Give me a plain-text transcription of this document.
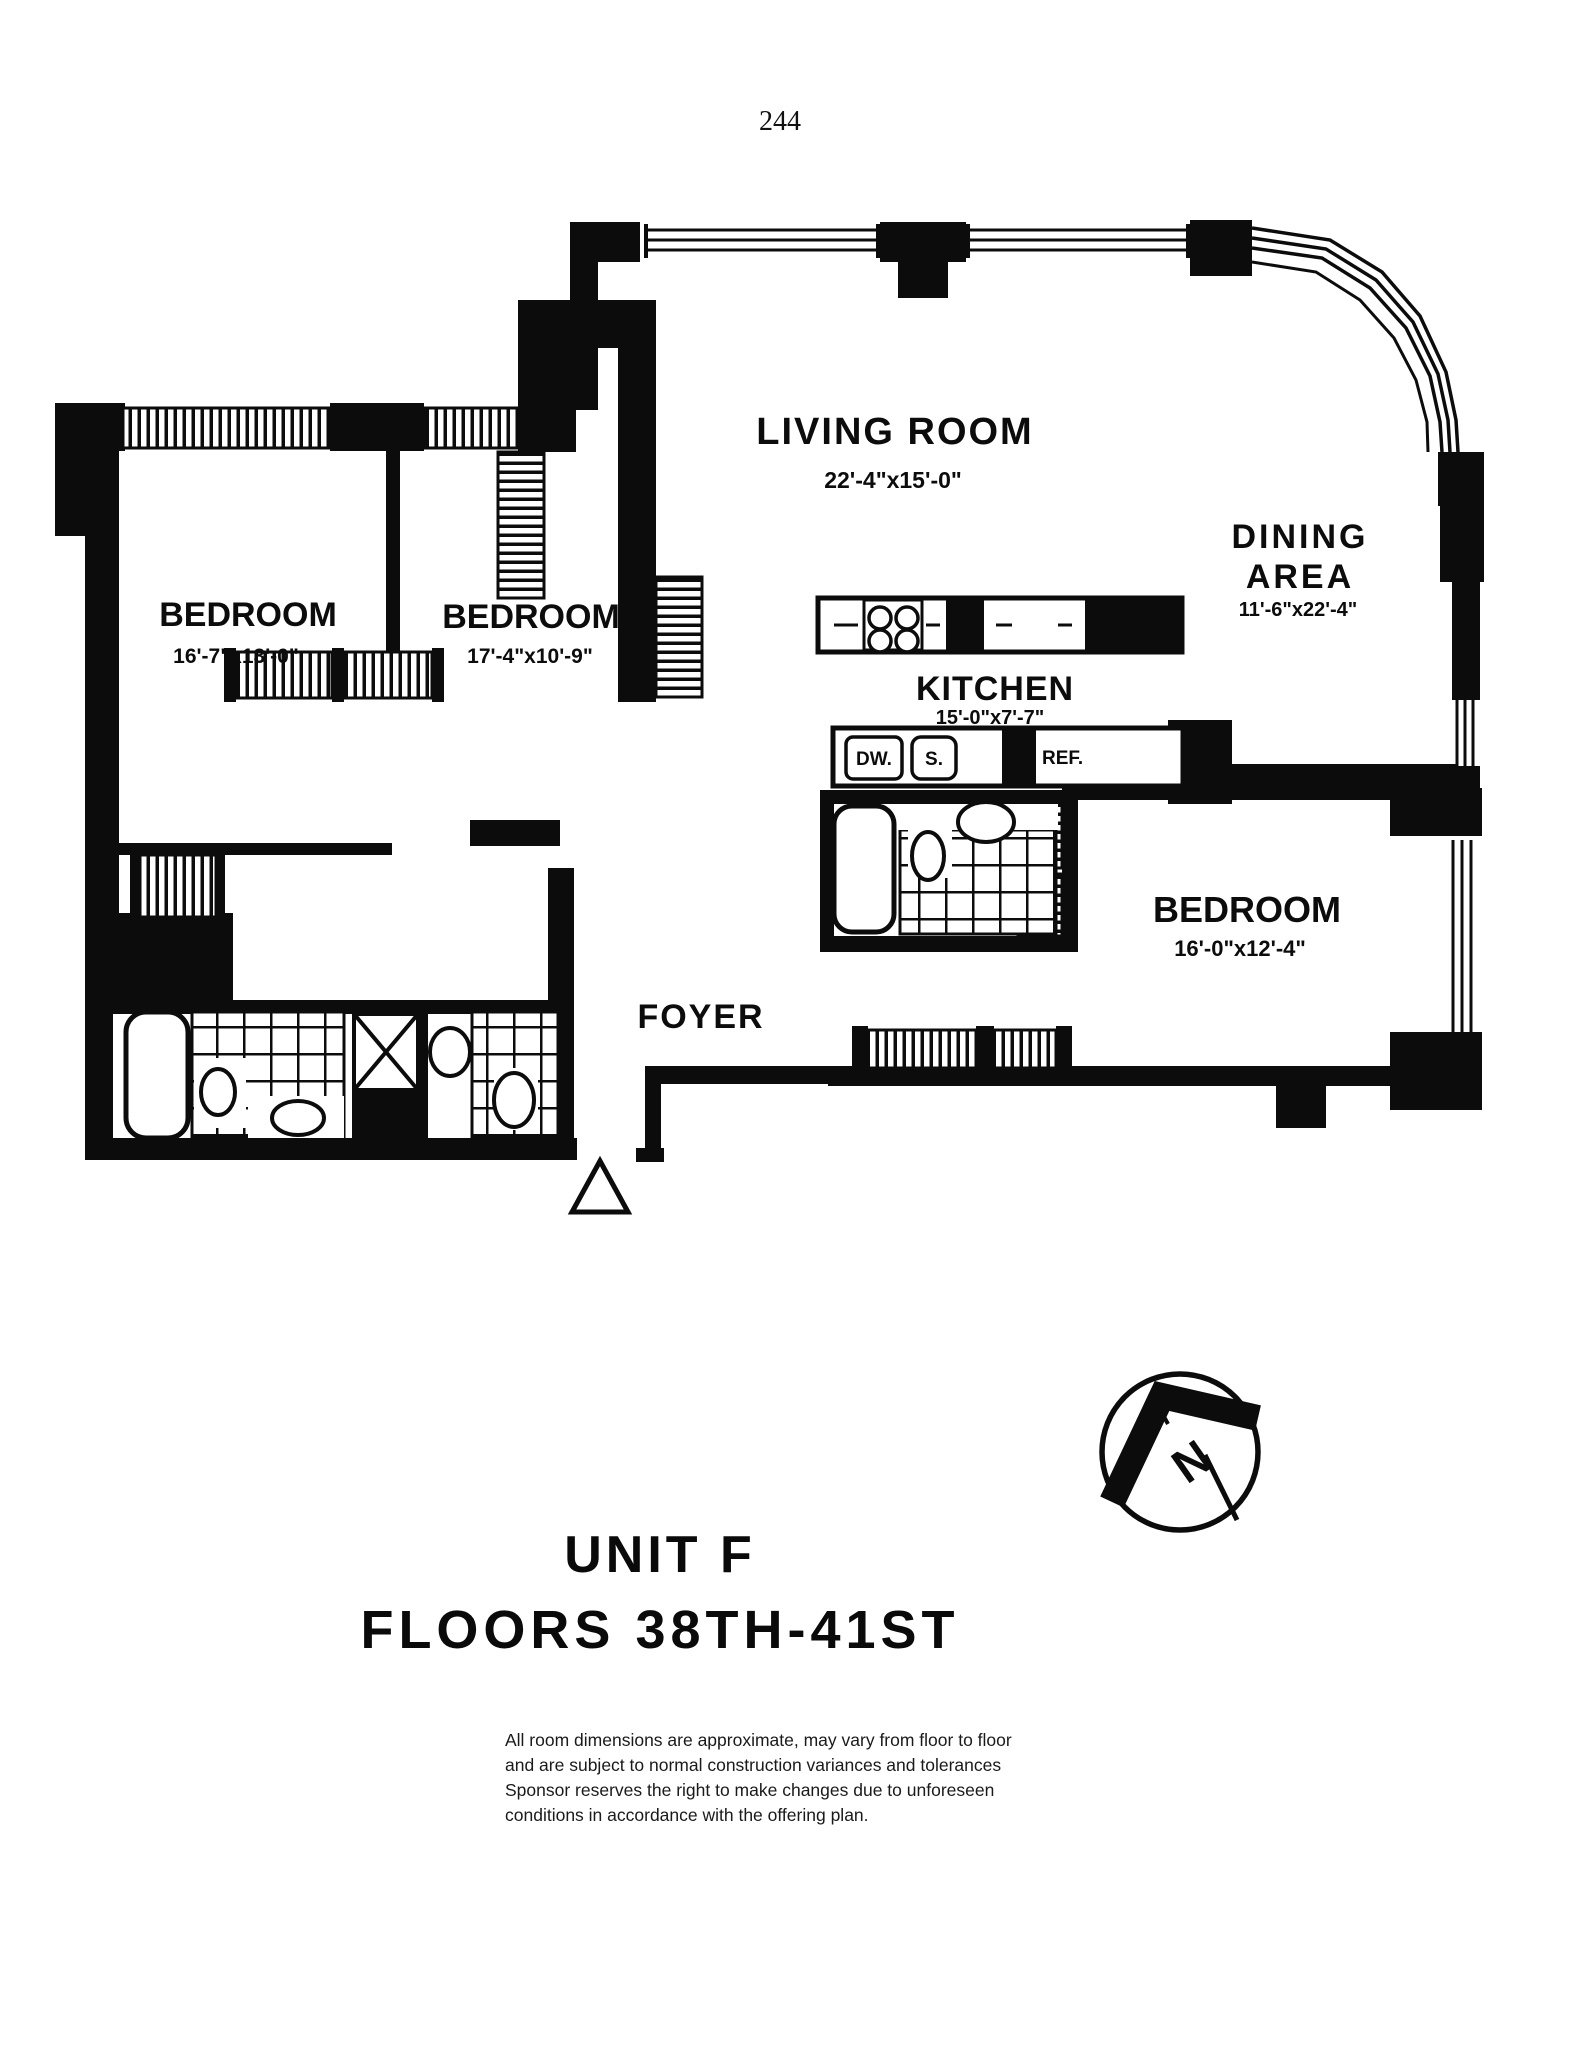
N
244
LIVING ROOM
22'-4"x15'-0"
DINING
AREA
11'-6"x22'-4"
BEDROOM
16'-7"x13'-0"
BEDROOM
17'-4"x10'-9"
KITCHEN
15'-0"x7'-7"
BEDROOM
16'-0"x12'-4"
FOYER
DW. S.	REF.
UNIT F
FLOORS 38TH-41ST
All room dimensions are approximate, may vary from floor to floor
and are subject to normal construction variances and tolerances
Sponsor reserves the right to make changes due to unforeseen
conditions in accordance with the offering plan.
